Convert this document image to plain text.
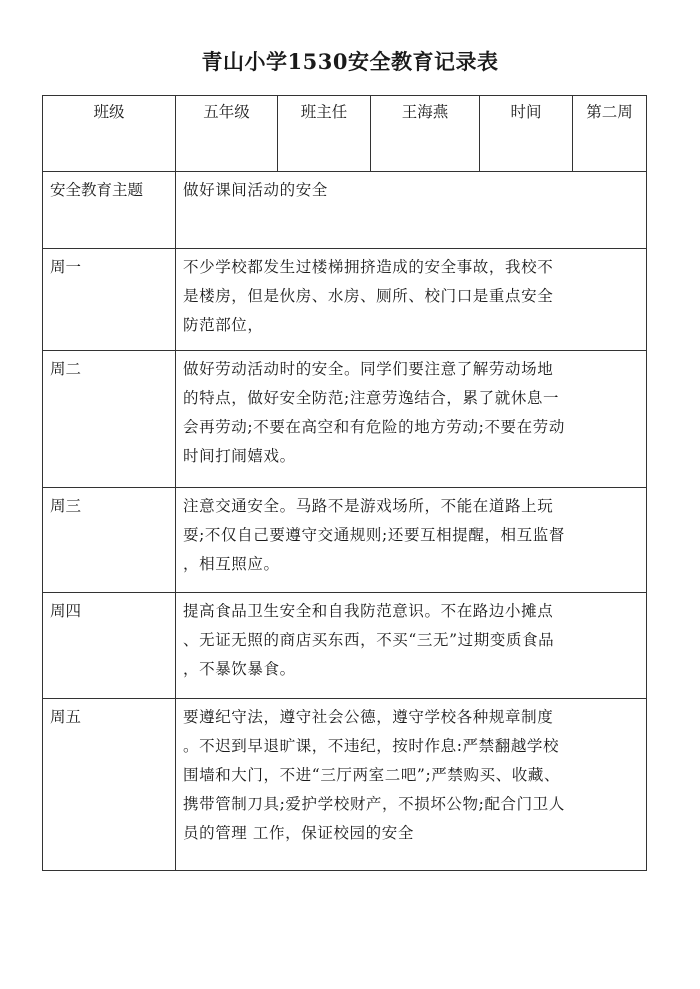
青山小学1530安全教育记录表
班级	五年级	班主任	王海燕	时间	第二周
安全教育主题	做好课间活动的安全				
周一	不少学校都发生过楼梯拥挤造成的安全事故，我校不
是楼房，但是伙房、水房、厕所、校门口是重点安全
防范部位，				

周二	做好劳动活动时的安全。同学们要注意了解劳动场地
的特点，做好安全防范;注意劳逸结合，累了就休息一
会再劳动;不要在高空和有危险的地方劳动;不要在劳动
时间打闹嬉戏。				

周三	注意交通安全。马路不是游戏场所，不能在道路上玩
耍;不仅自己要遵守交通规则;还要互相提醒，相互监督
，相互照应。				

周四	提高食品卫生安全和自我防范意识。不在路边小摊点
、无证无照的商店买东西，不买“三无”过期变质食品
，不暴饮暴食。				

周五	要遵纪守法，遵守社会公德，遵守学校各种规章制度
。不迟到早退旷课，不违纪，按时作息:严禁翻越学校
围墙和大门，不进“三厅两室二吧”;严禁购买、收藏、
携带管制刀具;爱护学校财产，不损坏公物;配合门卫人
员的管理 工作，保证校园的安全				
